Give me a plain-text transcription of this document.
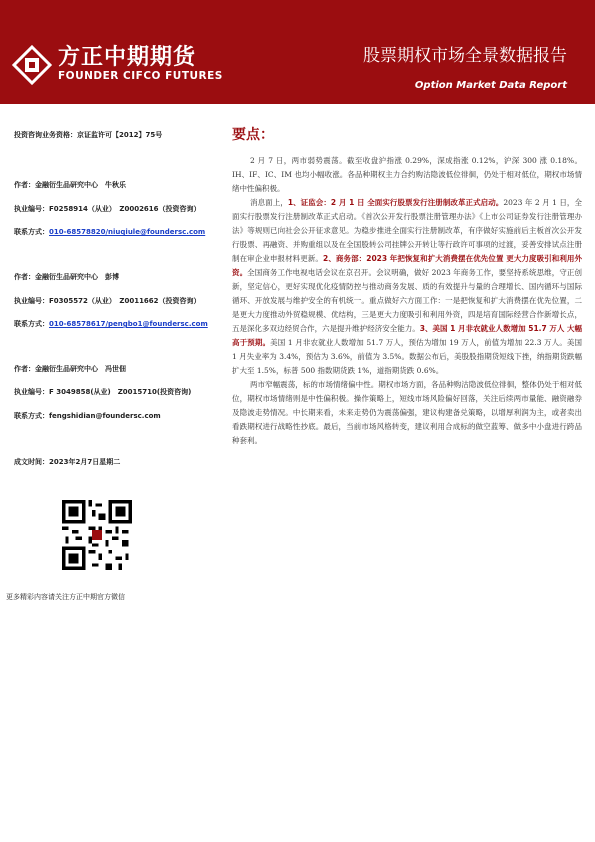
方正中期期货
FOUNDER CIFCO FUTURES
股票期权市场全景数据报告
Option Market Data Report
投资咨询业务资格：京证监许可【2012】75号
作者：金融衍生品研究中心　牛秋乐
执业编号：F0258914（从业）　Z0002616（投资咨询）
联系方式：010-68578820/niuqiule@foundersc.com
作者：金融衍生品研究中心　彭博
执业编号：F0305572（从业）　Z0011662（投资咨询）
联系方式：010-68578617/pengbo1@foundersc.com
作者：金融衍生品研究中心　冯世佃
执业编号：F 3049858(从业)　Z0015710(投资咨询)
联系方式：fengshidian@foundersc.com
成文时间：2023年2月7日星期二
更多精彩内容请关注方正中期官方微信
要点：

2 月 7 日，两市弱势震荡。截至收盘沪指涨 0.29%，深成指涨 0.12%，沪深 300 涨 0.18%。IH、IF、IC、IM 也均小幅收涨。各品种期权主力合约购沽隐波低位徘徊，仍处于相对低位，期权市场情绪中性偏积极。

消息面上，1、证监会：2 月 1 日 全面实行股票发行注册制改革正式启动。2023 年 2 月 1 日，全面实行股票发行注册制改革正式启动。《首次公开发行股票注册管理办法》《上市公司证券发行注册管理办法》等规则已向社会公开征求意见。为稳步推进全面实行注册制改革，有序做好实施前后主板首次公开发行股票、再融资、并购重组以及在全国股转公司挂牌公开转让等行政许可事项的过渡，妥善安排试点注册制在审企业申报材料更新。2、商务部：2023 年把恢复和扩大消费摆在优先位置 更大力度吸引和利用外资。全国商务工作电视电话会议在京召开。会议明确，做好 2023 年商务工作，要坚持系统思维，守正创新，坚定信心，更好实现优化疫情防控与推动商务发展、质的有效提升与量的合理增长、国内循环与国际循环、开放发展与维护安全的有机统一。重点做好六方面工作：一是把恢复和扩大消费摆在优先位置，二是更大力度推动外贸稳规模、优结构，三是更大力度吸引和利用外资，四是培育国际经营合作新增长点，五是深化多双边经贸合作，六是提升维护经济安全能力。3、美国 1 月非农就业人数增加 51.7 万人 大幅高于预期。美国 1 月非农就业人数增加 51.7 万人，预估为增加 19 万人，前值为增加 22.3 万人。美国 1 月失业率为 3.4%，预估为 3.6%，前值为 3.5%。数据公布后，美股股指期货短线下挫，纳指期货跌幅扩大至 1.5%，标普 500 指数期货跌 1%，道指期货跌 0.6%。

两市窄幅震荡，标的市场情绪偏中性。期权市场方面，各品种购沽隐波低位徘徊，整体仍处于相对低位，期权市场情绪则是中性偏积极。操作策略上，短线市场风险偏好回落，关注后续两市量能、融资融券及隐波走势情况。中长期来看，未来走势仍为震荡偏强，建议构建备兑策略，以增厚利润为主，或者卖出看跌期权进行战略性抄底。最后，当前市场风格转变，建议利用合成标的做空蓝筹、做多中小盘进行跨品种套利。
